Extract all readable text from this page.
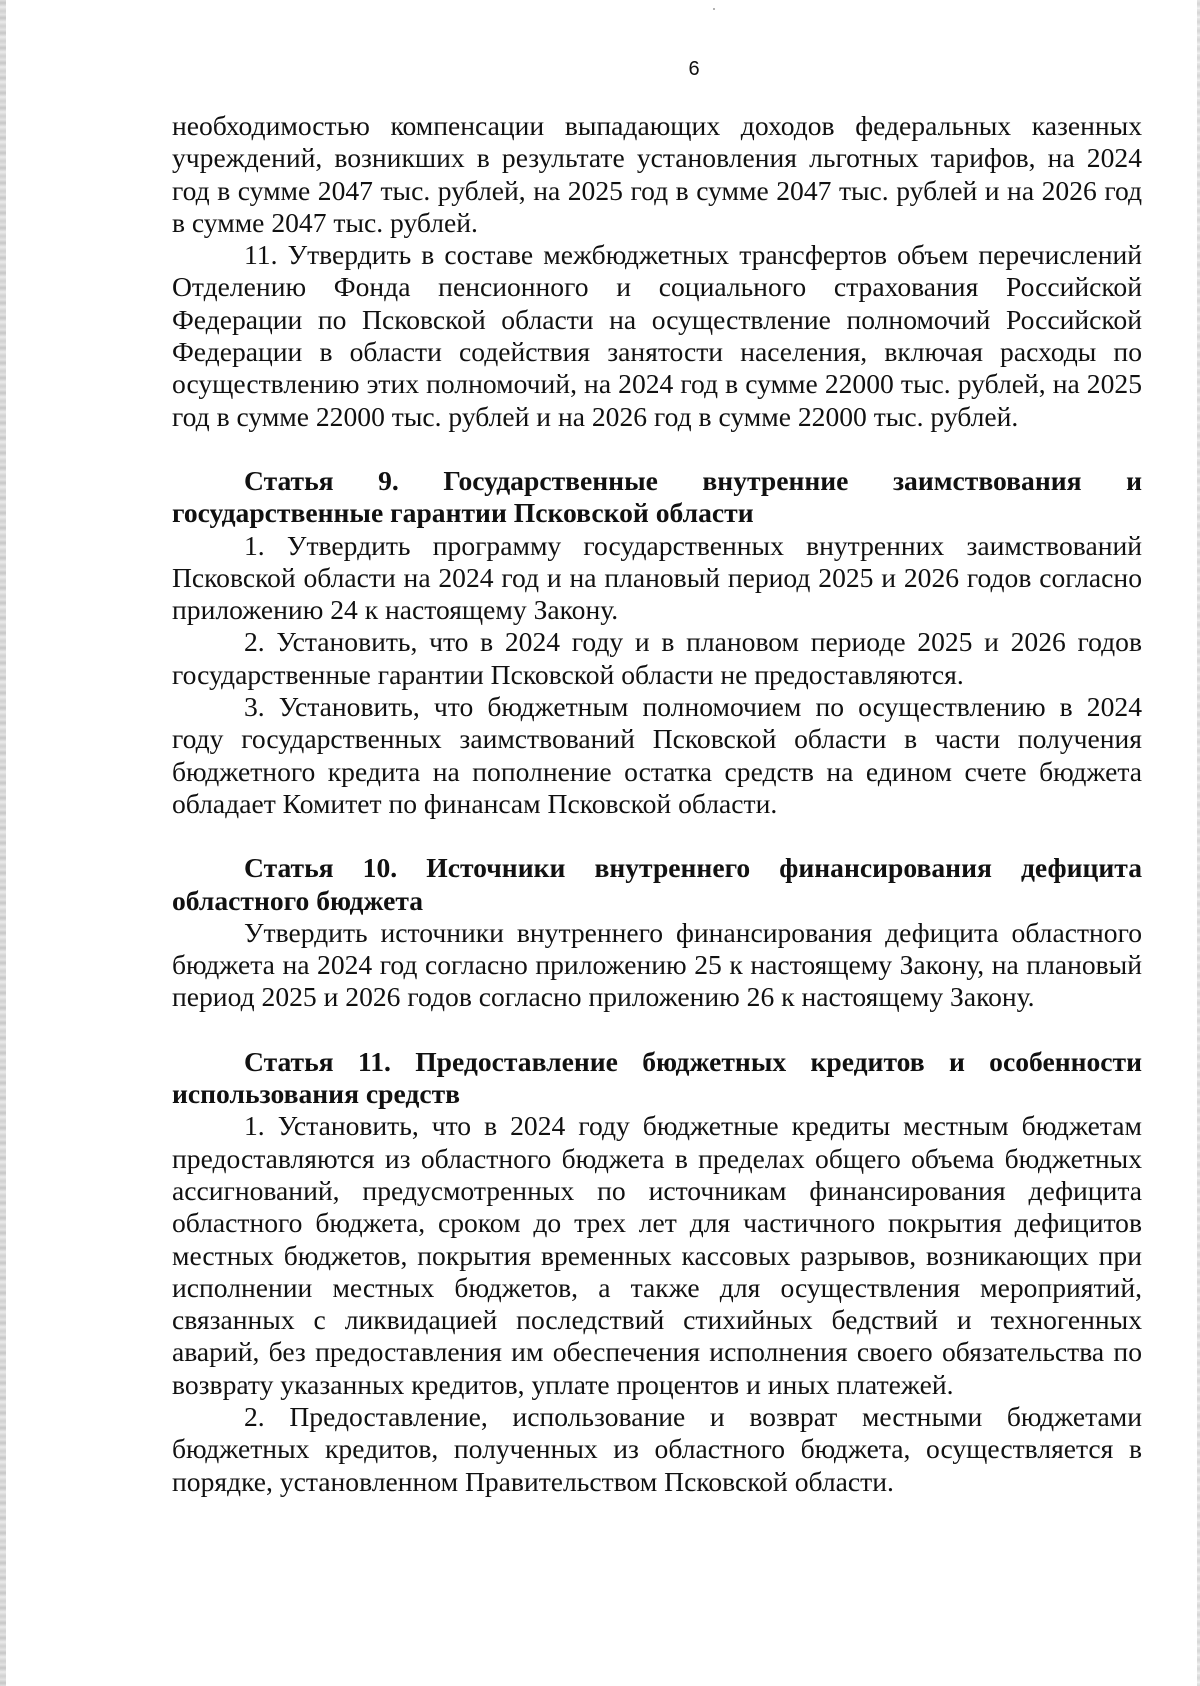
6

необходимостью компенсации выпадающих доходов федеральных казенных учреждений, возникших в результате установления льготных тарифов, на 2024 год в сумме 2047 тыс. рублей, на 2025 год в сумме 2047 тыс. рублей и на 2026 год в сумме 2047 тыс. рублей.

11. Утвердить в составе межбюджетных трансфертов объем перечислений Отделению Фонда пенсионного и социального страхования Российской Федерации по Псковской области на осуществление полномочий Российской Федерации в области содействия занятости населения, включая расходы по осуществлению этих полномочий, на 2024 год в сумме 22000 тыс. рублей, на 2025 год в сумме 22000 тыс. рублей и на 2026 год в сумме 22000 тыс. рублей.

Статья 9. Государственные внутренние заимствования и государственные гарантии Псковской области

1. Утвердить программу государственных внутренних заимствований Псковской области на 2024 год и на плановый период 2025 и 2026 годов согласно приложению 24 к настоящему Закону.

2. Установить, что в 2024 году и в плановом периоде 2025 и 2026 годов государственные гарантии Псковской области не предоставляются.

3. Установить, что бюджетным полномочием по осуществлению в 2024 году государственных заимствований Псковской области в части получения бюджетного кредита на пополнение остатка средств на едином счете бюджета обладает Комитет по финансам Псковской области.

Статья 10. Источники внутреннего финансирования дефицита областного бюджета

Утвердить источники внутреннего финансирования дефицита областного бюджета на 2024 год согласно приложению 25 к настоящему Закону, на плановый период 2025 и 2026 годов согласно приложению 26 к настоящему Закону.

Статья 11. Предоставление бюджетных кредитов и особенности использования средств

1. Установить, что в 2024 году бюджетные кредиты местным бюджетам предоставляются из областного бюджета в пределах общего объема бюджетных ассигнований, предусмотренных по источникам финансирования дефицита областного бюджета, сроком до трех лет для частичного покрытия дефицитов местных бюджетов, покрытия временных кассовых разрывов, возникающих при исполнении местных бюджетов, а также для осуществления мероприятий, связанных с ликвидацией последствий стихийных бедствий и техногенных аварий, без предоставления им обеспечения исполнения своего обязательства по возврату указанных кредитов, уплате процентов и иных платежей.

2. Предоставление, использование и возврат местными бюджетами бюджетных кредитов, полученных из областного бюджета, осуществляется в порядке, установленном Правительством Псковской области.
